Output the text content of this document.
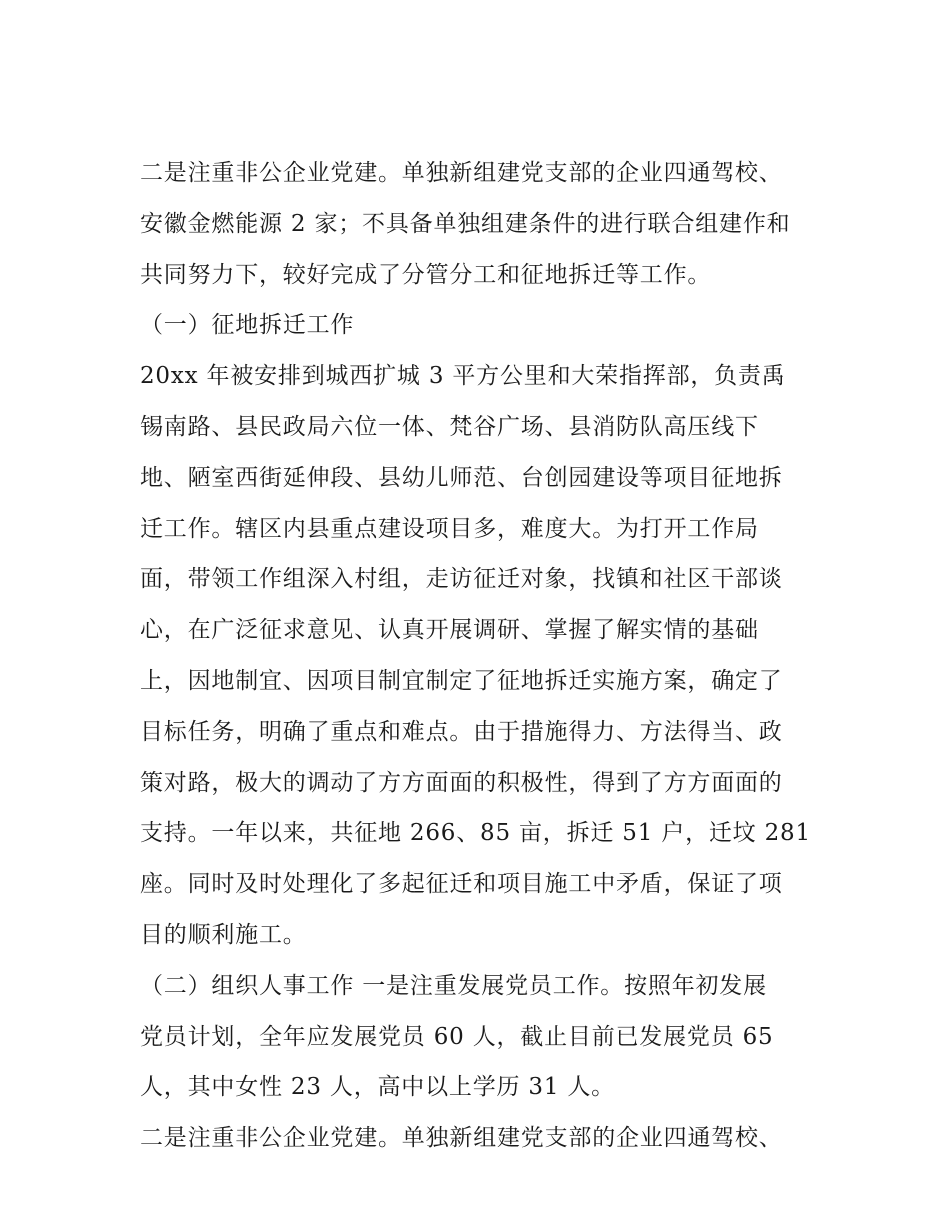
二是注重非公企业党建。单独新组建党支部的企业四通驾校、
安徽金燃能源 2 家；不具备单独组建条件的进行联合组建作和
共同努力下，较好完成了分管分工和征地拆迁等工作。
（一）征地拆迁工作
20xx 年被安排到城西扩城 3 平方公里和大荣指挥部，负责禹
锡南路、县民政局六位一体、梵谷广场、县消防队高压线下
地、陋室西街延伸段、县幼儿师范、台创园建设等项目征地拆
迁工作。辖区内县重点建设项目多，难度大。为打开工作局
面，带领工作组深入村组，走访征迁对象，找镇和社区干部谈
心，在广泛征求意见、认真开展调研、掌握了解实情的基础
上，因地制宜、因项目制宜制定了征地拆迁实施方案，确定了
目标任务，明确了重点和难点。由于措施得力、方法得当、政
策对路，极大的调动了方方面面的积极性，得到了方方面面的
支持。一年以来，共征地 266、85 亩，拆迁 51 户，迁坟 281
座。同时及时处理化了多起征迁和项目施工中矛盾，保证了项
目的顺利施工。
（二）组织人事工作 一是注重发展党员工作。按照年初发展
党员计划，全年应发展党员 60 人，截止目前已发展党员 65
人，其中女性 23 人，高中以上学历 31 人。
二是注重非公企业党建。单独新组建党支部的企业四通驾校、
